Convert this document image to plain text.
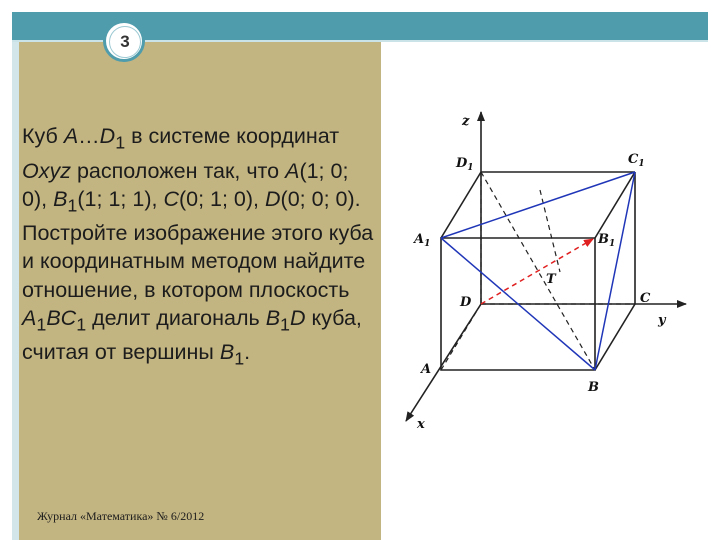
3
Куб $A\dots D_1$ в системе координат Oxyz расположен так, что A(1; 0; 0), $B_1(1$; 1; 1), C(0; 1; 0), D(0; 0; 0). Постройте изображение этого куба и координатным методом найдите отношение, в котором плоскость $A_1BC_1$ делит диагональ $B_1D$ куба, считая от вершины $B_1$.
Журнал «Математика» № 6/2012
z
y
x
$D_1$
$C_1$
$A_1$	$B_1$
T
D	C
A
B
